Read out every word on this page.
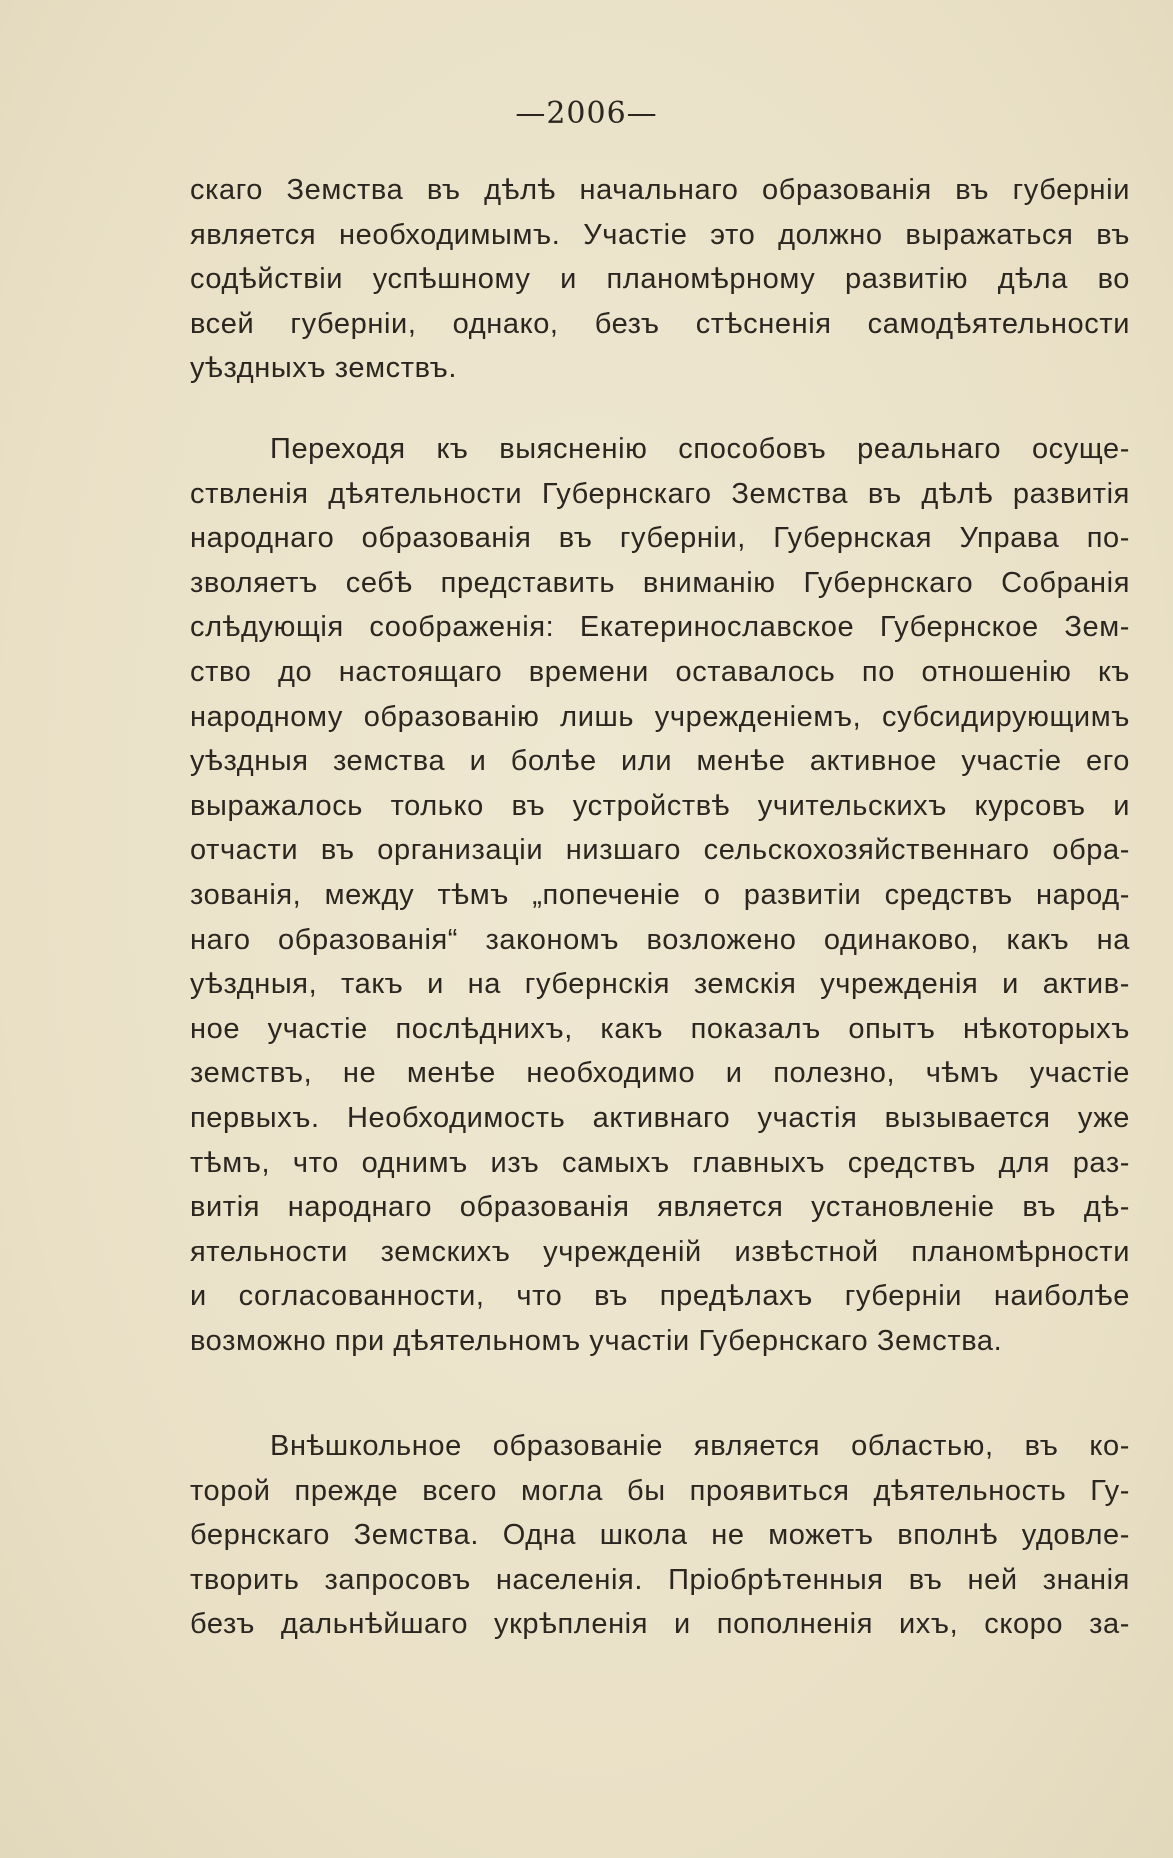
—2006—
скаго Земства въ дѣлѣ начальнаго образованія въ губерніи
является необходимымъ. Участіе это должно выражаться въ
содѣйствіи успѣшному и планомѣрному развитію дѣла во
всей губерніи, однако, безъ стѣсненія самодѣятельности
уѣздныхъ земствъ.
Переходя къ выясненію способовъ реальнаго осуще-
ствленія дѣятельности Губернскаго Земства въ дѣлѣ развитія
народнаго образованія въ губерніи, Губернская Управа по-
зволяетъ себѣ представить вниманію Губернскаго Собранія
слѣдующія соображенія: Екатеринославское Губернское Зем-
ство до настоящаго времени оставалось по отношенію къ
народному образованію лишь учрежденіемъ, субсидирующимъ
уѣздныя земства и болѣе или менѣе активное участіе его
выражалось только въ устройствѣ учительскихъ курсовъ и
отчасти въ организаціи низшаго сельскохозяйственнаго обра-
зованія, между тѣмъ „попеченіе о развитіи средствъ народ-
наго образованія“ закономъ возложено одинаково, какъ на
уѣздныя, такъ и на губернскія земскія учрежденія и актив-
ное участіе послѣднихъ, какъ показалъ опытъ нѣкоторыхъ
земствъ, не менѣе необходимо и полезно, чѣмъ участіе
первыхъ. Необходимость активнаго участія вызывается уже
тѣмъ, что однимъ изъ самыхъ главныхъ средствъ для раз-
витія народнаго образованія является установленіе въ дѣ-
ятельности земскихъ учрежденій извѣстной планомѣрности
и согласованности, что въ предѣлахъ губерніи наиболѣе
возможно при дѣятельномъ участіи Губернскаго Земства.
Внѣшкольное образованіе является областью, въ ко-
торой прежде всего могла бы проявиться дѣятельность Гу-
бернскаго Земства. Одна школа не можетъ вполнѣ удовле-
творить запросовъ населенія. Пріобрѣтенныя въ ней знанія
безъ дальнѣйшаго укрѣпленія и пополненія ихъ, скоро за-
